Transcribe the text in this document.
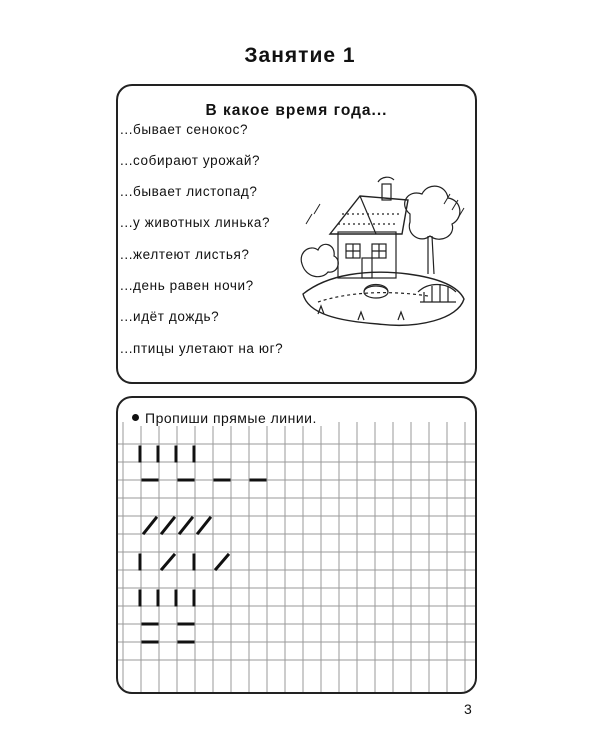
Занятие 1
В какое время года...
...бывает сенокос?
...собирают урожай?
...бывает листопад?
...у животных линька?
...желтеют листья?
...день равен ночи?
...идёт дождь?
...птицы улетают на юг?
Пропиши прямые линии.
3
